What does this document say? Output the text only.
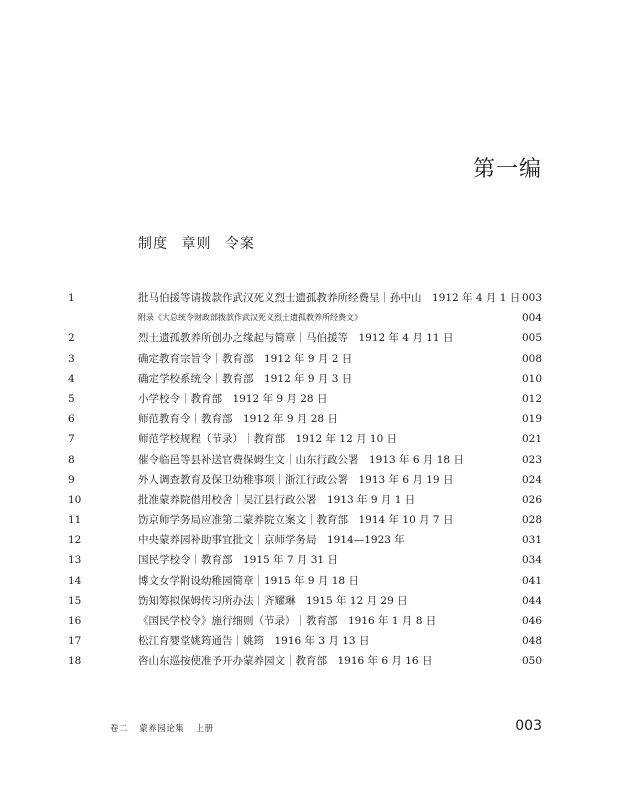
第一编
制度 章则 令案
1	批马伯援等请拨款作武汉死义烈士遗孤教养所经费呈｜孙中山　1912 年 4 月 1 日 003
附录《大总统令财政部拨款作武汉死义烈士遗孤教养所经费文》	004
2	烈士遗孤教养所创办之缘起与简章｜马伯援等　1912 年 4 月 11 日	005
3	确定教育宗旨令｜教育部　1912 年 9 月 2 日	008
4	确定学校系统令｜教育部　1912 年 9 月 3 日	010
5	小学校令｜教育部　1912 年 9 月 28 日	012
6	师范教育令｜教育部　1912 年 9 月 28 日	019
7	师范学校规程（节录）｜教育部　1912 年 12 月 10 日	021
8	催令临邑等县补送官费保姆生文｜山东行政公署　1913 年 6 月 18 日	023
9	外人调查教育及保卫幼稚事项｜浙江行政公署　1913 年 6 月 19 日	024
10	批准蒙养院借用校舍｜吴江县行政公署　1913 年 9 月 1 日	026
11	饬京师学务局应准第二蒙养院立案文｜教育部　1914 年 10 月 7 日	028
12	中央蒙养园补助事宜批文｜京师学务局　1914—1923 年	031
13	国民学校令｜教育部　1915 年 7 月 31 日	034
14	博文女学附设幼稚园简章｜1915 年 9 月 18 日	041
15	饬知筹拟保姆传习所办法｜齐耀琳　1915 年 12 月 29 日	044
16	《国民学校令》施行细则（节录）｜教育部　1916 年 1 月 8 日	046
17	松江育婴堂姚筠通告｜姚筠　1916 年 3 月 13 日	048
18	咨山东巡按使准予开办蒙养园文｜教育部　1916 年 6 月 16 日	050
卷二 蒙养园论集 上册	003
